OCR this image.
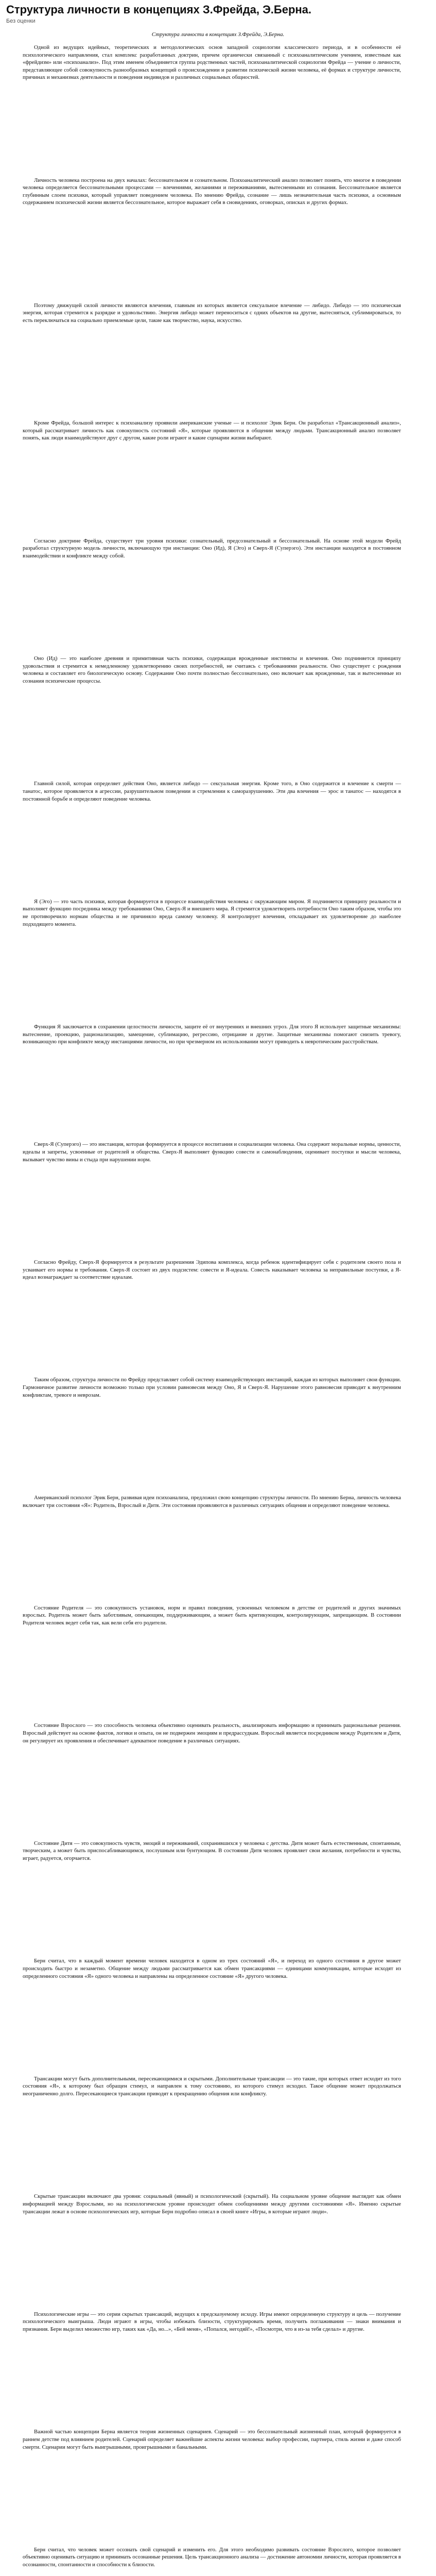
Структура личности в концепциях З.Фрейда, Э.Берна.
Без оценки
Структура личности в концепциях З.Фрейда, Э.Берна.

Одной из ведущих идейных, теоретических и методологических основ западной социологии классического периода, и в особенности её психологического направления, стал комплекс разработанных доктрин, причем органически связанный с психоаналитическим учением, известным как «фрейдизм» или «психоанализ». Под этим именем объединяется группа родственных частей, психоаналитической социологии Фрейда — учение о личности, представляющее собой совокупность разнообразных концепций о происхождении и развитии психической жизни человека, её формах и структуре личности, причинах и механизмах деятельности и поведения индивидов и различных социальных общностей.

Личность человека построена на двух началах: бессознательном и сознательном. Психоаналитический анализ позволяет понять, что многое в поведении человека определяется бессознательными процессами — влечениями, желаниями и переживаниями, вытесненными из сознания. Бессознательное является глубинным слоем психики, который управляет поведением человека. По мнению Фрейда, сознание — лишь незначительная часть психики, а основным содержанием психической жизни является бессознательное, которое выражает себя в сновидениях, оговорках, описках и других формах.

Поэтому движущей силой личности являются влечения, главным из которых является сексуальное влечение — либидо. Либидо — это психическая энергия, которая стремится к разрядке и удовольствию. Энергия либидо может переноситься с одних объектов на другие, вытесняться, сублимироваться, то есть переключаться на социально приемлемые цели, такие как творчество, наука, искусство.

Кроме Фрейда, большой интерес к психоанализу проявили американские ученые — и психолог Эрик Берн. Он разработал «Трансакционный анализ», который рассматривает личность как совокупность состояний «Я», которые проявляются в общении между людьми. Трансакционный анализ позволяет понять, как люди взаимодействуют друг с другом, какие роли играют и какие сценарии жизни выбирают.

Согласно доктрине Фрейда, существует три уровня психики: сознательный, предсознательный и бессознательный. На основе этой модели Фрейд разработал структурную модель личности, включающую три инстанции: Оно (Ид), Я (Эго) и Сверх-Я (Суперэго). Эти инстанции находятся в постоянном взаимодействии и конфликте между собой.

Оно (Ид) — это наиболее древняя и примитивная часть психики, содержащая врожденные инстинкты и влечения. Оно подчиняется принципу удовольствия и стремится к немедленному удовлетворению своих потребностей, не считаясь с требованиями реальности. Оно существует с рождения человека и составляет его биологическую основу. Содержание Оно почти полностью бессознательно, оно включает как врожденные, так и вытесненные из сознания психические процессы.

Главной силой, которая определяет действия Оно, является либидо — сексуальная энергия. Кроме того, в Оно содержится и влечение к смерти — танатос, которое проявляется в агрессии, разрушительном поведении и стремлении к саморазрушению. Эти два влечения — эрос и танатос — находятся в постоянной борьбе и определяют поведение человека.

Я (Эго) — это часть психики, которая формируется в процессе взаимодействия человека с окружающим миром. Я подчиняется принципу реальности и выполняет функцию посредника между требованиями Оно, Сверх-Я и внешнего мира. Я стремится удовлетворить потребности Оно таким образом, чтобы это не противоречило нормам общества и не причиняло вреда самому человеку. Я контролирует влечения, откладывает их удовлетворение до наиболее подходящего момента.

Функция Я заключается в сохранении целостности личности, защите её от внутренних и внешних угроз. Для этого Я использует защитные механизмы: вытеснение, проекцию, рационализацию, замещение, сублимацию, регрессию, отрицание и другие. Защитные механизмы помогают снизить тревогу, возникающую при конфликте между инстанциями личности, но при чрезмерном их использовании могут приводить к невротическим расстройствам.

Сверх-Я (Суперэго) — это инстанция, которая формируется в процессе воспитания и социализации человека. Она содержит моральные нормы, ценности, идеалы и запреты, усвоенные от родителей и общества. Сверх-Я выполняет функцию совести и самонаблюдения, оценивает поступки и мысли человека, вызывает чувство вины и стыда при нарушении норм.

Согласно Фрейду, Сверх-Я формируется в результате разрешения Эдипова комплекса, когда ребенок идентифицирует себя с родителем своего пола и усваивает его нормы и требования. Сверх-Я состоит из двух подсистем: совести и Я-идеала. Совесть наказывает человека за неправильные поступки, а Я-идеал вознаграждает за соответствие идеалам.

Таким образом, структура личности по Фрейду представляет собой систему взаимодействующих инстанций, каждая из которых выполняет свои функции. Гармоничное развитие личности возможно только при условии равновесия между Оно, Я и Сверх-Я. Нарушение этого равновесия приводит к внутренним конфликтам, тревоге и неврозам.

Американский психолог Эрик Берн, развивая идеи психоанализа, предложил свою концепцию структуры личности. По мнению Берна, личность человека включает три состояния «Я»: Родитель, Взрослый и Дитя. Эти состояния проявляются в различных ситуациях общения и определяют поведение человека.

Состояние Родителя — это совокупность установок, норм и правил поведения, усвоенных человеком в детстве от родителей и других значимых взрослых. Родитель может быть заботливым, опекающим, поддерживающим, а может быть критикующим, контролирующим, запрещающим. В состоянии Родителя человек ведет себя так, как вели себя его родители.

Состояние Взрослого — это способность человека объективно оценивать реальность, анализировать информацию и принимать рациональные решения. Взрослый действует на основе фактов, логики и опыта, он не подвержен эмоциям и предрассудкам. Взрослый является посредником между Родителем и Дитя, он регулирует их проявления и обеспечивает адекватное поведение в различных ситуациях.

Состояние Дитя — это совокупность чувств, эмоций и переживаний, сохранившихся у человека с детства. Дитя может быть естественным, спонтанным, творческим, а может быть приспосабливающимся, послушным или бунтующим. В состоянии Дитя человек проявляет свои желания, потребности и чувства, играет, радуется, огорчается.

Берн считал, что в каждый момент времени человек находится в одном из трех состояний «Я», и переход из одного состояния в другое может происходить быстро и незаметно. Общение между людьми рассматривается как обмен трансакциями — единицами коммуникации, которые исходят из определенного состояния «Я» одного человека и направлены на определенное состояние «Я» другого человека.

Трансакции могут быть дополнительными, пересекающимися и скрытыми. Дополнительные трансакции — это такие, при которых ответ исходит из того состояния «Я», к которому был обращен стимул, и направлен к тому состоянию, из которого стимул исходил. Такое общение может продолжаться неограниченно долго. Пересекающиеся трансакции приводят к прекращению общения или конфликту.

Скрытые трансакции включают два уровня: социальный (явный) и психологический (скрытый). На социальном уровне общение выглядит как обмен информацией между Взрослыми, но на психологическом уровне происходит обмен сообщениями между другими состояниями «Я». Именно скрытые трансакции лежат в основе психологических игр, которые Берн подробно описал в своей книге «Игры, в которые играют люди».

Психологические игры — это серии скрытых трансакций, ведущих к предсказуемому исходу. Игры имеют определенную структуру и цель — получение психологического выигрыша. Люди играют в игры, чтобы избежать близости, структурировать время, получить поглаживания — знаки внимания и признания. Берн выделил множество игр, таких как «Да, но...», «Бей меня», «Попался, негодяй!», «Посмотри, что я из-за тебя сделал» и другие.

Важной частью концепции Берна является теория жизненных сценариев. Сценарий — это бессознательный жизненный план, который формируется в раннем детстве под влиянием родителей. Сценарий определяет важнейшие аспекты жизни человека: выбор профессии, партнера, стиль жизни и даже способ смерти. Сценарии могут быть выигрышными, проигрышными и банальными.

Берн считал, что человек может осознать свой сценарий и изменить его. Для этого необходимо развивать состояние Взрослого, которое позволяет объективно оценивать ситуацию и принимать осознанные решения. Цель трансакционного анализа — достижение автономии личности, которая проявляется в осознанности, спонтанности и способности к близости.
